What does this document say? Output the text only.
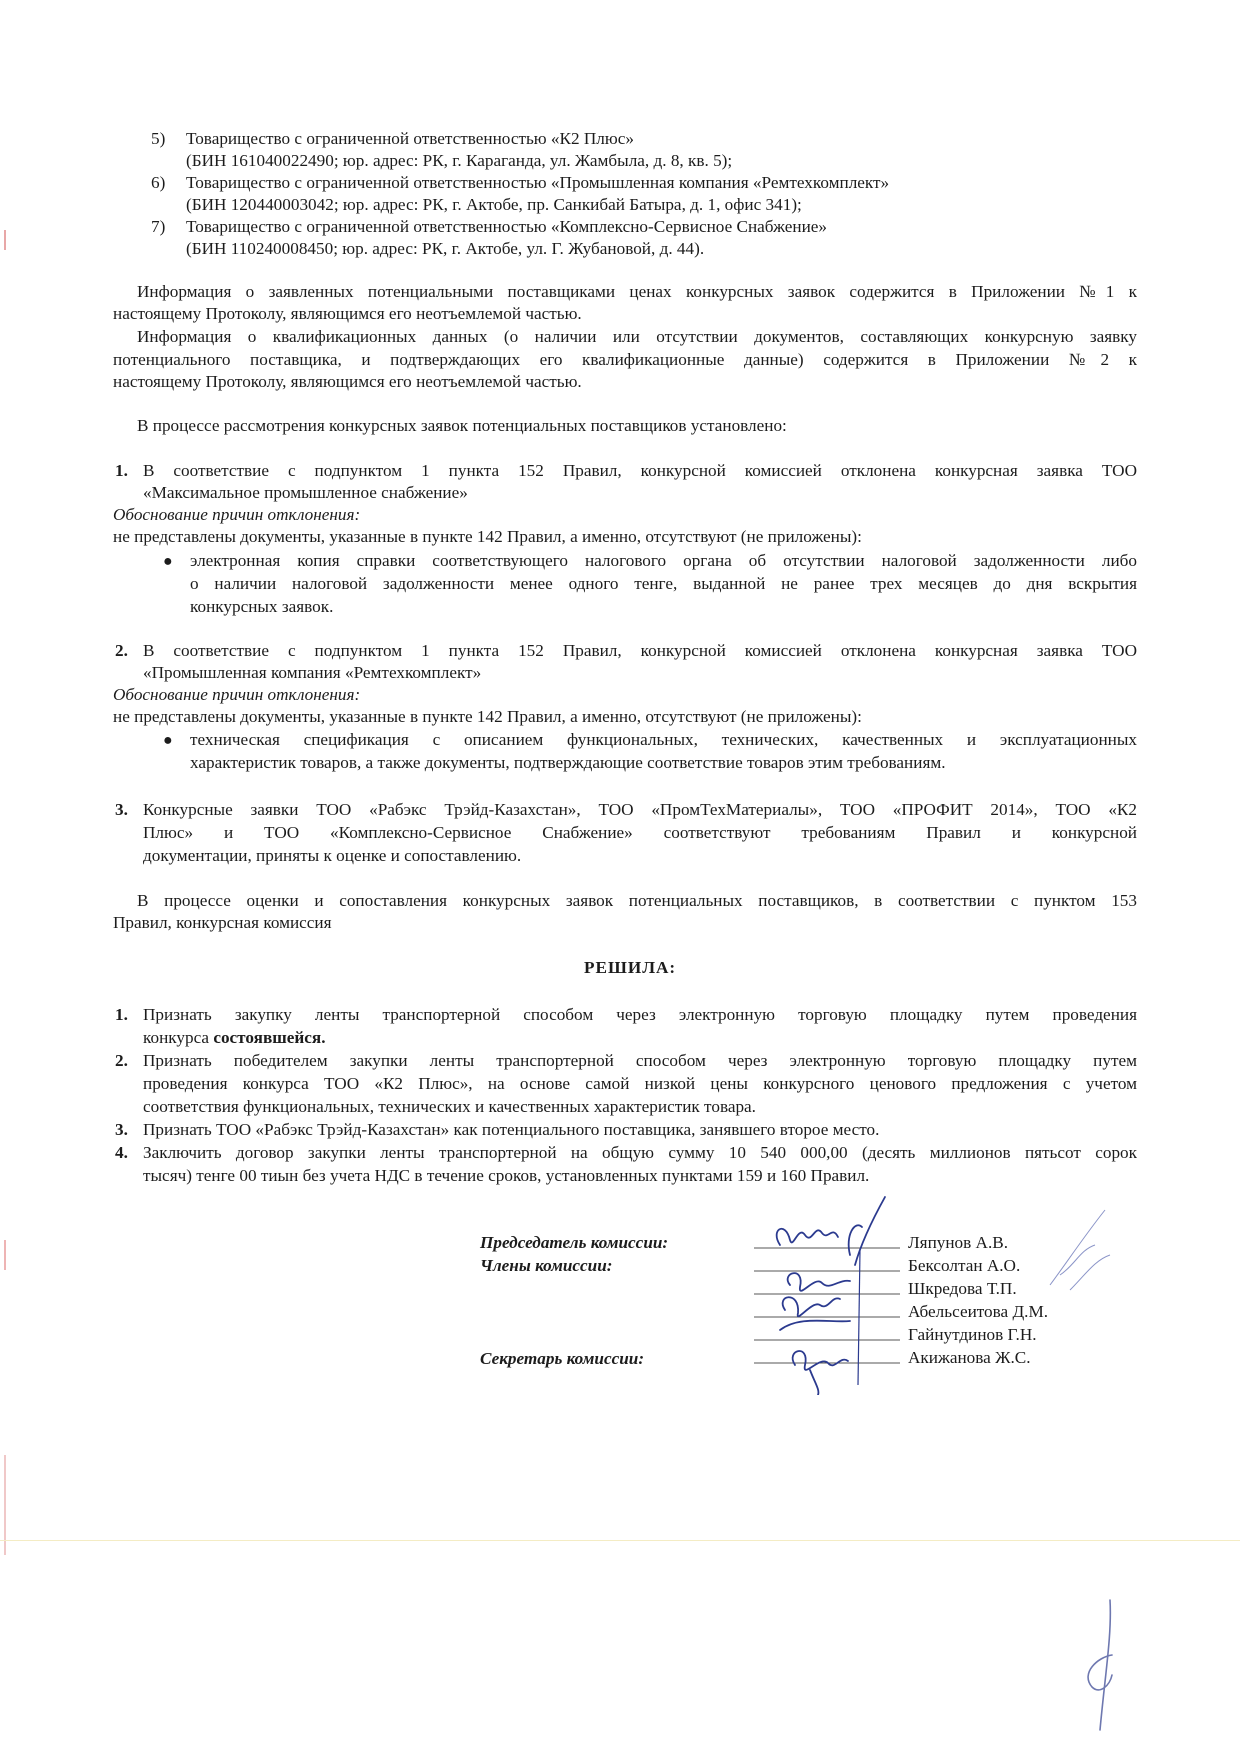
5) Товарищество с ограниченной ответственностью «К2 Плюс»
(БИН 161040022490; юр. адрес: РК, г. Караганда, ул. Жамбыла, д. 8, кв. 5);
6) Товарищество с ограниченной ответственностью «Промышленная компания «Ремтехкомплект»
(БИН 120440003042; юр. адрес: РК, г. Актобе, пр. Санкибай Батыра, д. 1, офис 341);
7) Товарищество с ограниченной ответственностью «Комплексно-Сервисное Снабжение»
(БИН 110240008450; юр. адрес: РК, г. Актобе, ул. Г. Жубановой, д. 44).
Информация о заявленных потенциальными поставщиками ценах конкурсных заявок содержится в Приложении №1 к
настоящему Протоколу, являющимся его неотъемлемой частью.
Информация о квалификационных данных (о наличии или отсутствии документов, составляющих конкурсную заявку
потенциального поставщика, и подтверждающих его квалификационные данные) содержится в Приложении №2 к
настоящему Протоколу, являющимся его неотъемлемой частью.
В процессе рассмотрения конкурсных заявок потенциальных поставщиков установлено:
1. В соответствие с подпунктом 1 пункта 152 Правил, конкурсной комиссией отклонена конкурсная заявка ТОО
«Максимальное промышленное снабжение»
Обоснование причин отклонения:
не представлены документы, указанные в пункте 142 Правил, а именно, отсутствуют (не приложены):
● электронная копия справки соответствующего налогового органа об отсутствии налоговой задолженности либо
о наличии налоговой задолженности менее одного тенге, выданной не ранее трех месяцев до дня вскрытия
конкурсных заявок.
2. В соответствие с подпунктом 1 пункта 152 Правил, конкурсной комиссией отклонена конкурсная заявка ТОО
«Промышленная компания «Ремтехкомплект»
Обоснование причин отклонения:
не представлены документы, указанные в пункте 142 Правил, а именно, отсутствуют (не приложены):
● техническая спецификация с описанием функциональных, технических, качественных и эксплуатационных
характеристик товаров, а также документы, подтверждающие соответствие товаров этим требованиям.
3. Конкурсные заявки ТОО «Рабэкс Трэйд-Казахстан», ТОО «ПромТехМатериалы», ТОО «ПРОФИТ 2014», ТОО «К2
Плюс» и ТОО «Комплексно-Сервисное Снабжение» соответствуют требованиям Правил и конкурсной
документации, приняты к оценке и сопоставлению.
В процессе оценки и сопоставления конкурсных заявок потенциальных поставщиков, в соответствии с пунктом 153
Правил, конкурсная комиссия
РЕШИЛА:
1. Признать закупку ленты транспортерной способом через электронную торговую площадку путем проведения
конкурса состоявшейся.
2. Признать победителем закупки ленты транспортерной способом через электронную торговую площадку путем
проведения конкурса ТОО «К2 Плюс», на основе самой низкой цены конкурсного ценового предложения с учетом
соответствия функциональных, технических и качественных характеристик товара.
3. Признать ТОО «Рабэкс Трэйд-Казахстан» как потенциального поставщика, занявшего второе место.
4. Заключить договор закупки ленты транспортерной на общую сумму 10 540 000,00 (десять миллионов пятьсот сорок
тысяч) тенге 00 тиын без учета НДС в течение сроков, установленных пунктами 159 и 160 Правил.
Председатель комиссии:
Члены комиссии:
Секретарь комиссии:
Ляпунов А.В.
Бексолтан А.О.
Шкредова Т.П.
Абельсеитова Д.М.
Гайнутдинов Г.Н.
Акижанова Ж.С.
